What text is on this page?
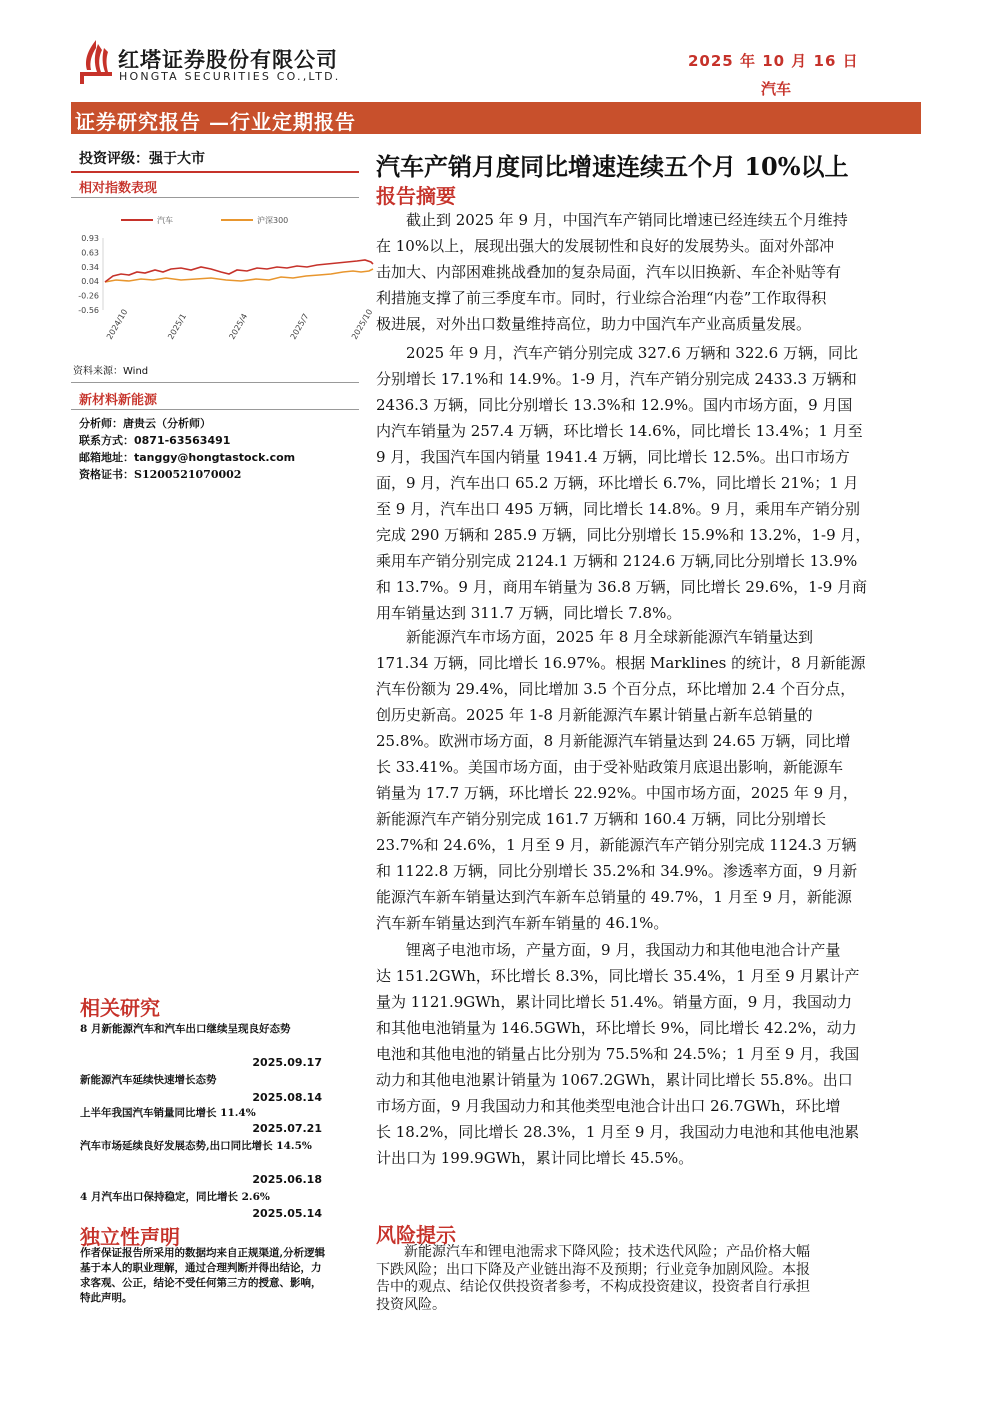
红塔证券股份有限公司
HONGTA SECURITIES CO.,LTD.
2025 年 10 月 16 日
汽车
证券研究报告 —行业定期报告
投资评级：强于大市
相对指数表现
汽车	沪深300
0.93
0.63
0.34
0.04
-0.26
-0.56 2024/10	2025/1	2025/4	2025/7	2025/10
资料来源：Wind
新材料新能源
分析师：唐贵云（分析师）
联系方式：0871-63563491
邮箱地址：tanggy@hongtastock.com
资格证书：S1200521070002
相关研究
8 月新能源汽车和汽车出口继续呈现良好态势
2025.09.17
新能源汽车延续快速增长态势
2025.08.14
上半年我国汽车销量同比增长 11.4%
2025.07.21
汽车市场延续良好发展态势,出口同比增长 14.5%
2025.06.18
4 月汽车出口保持稳定，同比增长 2.6%
2025.05.14
独立性声明
作者保证报告所采用的数据均来自正规渠道,分析逻辑基于本人的职业理解，通过合理判断并得出结论，力求客观、公正，结论不受任何第三方的授意、影响，特此声明。
汽车产销月度同比增速连续五个月 10%以上
报告摘要
　　截止到 2025 年 9 月，中国汽车产销同比增速已经连续五个月维持
在 10%以上，展现出强大的发展韧性和良好的发展势头。面对外部冲
击加大、内部困难挑战叠加的复杂局面，汽车以旧换新、车企补贴等有
利措施支撑了前三季度车市。同时，行业综合治理“内卷”工作取得积
极进展，对外出口数量维持高位，助力中国汽车产业高质量发展。
　　2025 年 9 月，汽车产销分别完成 327.6 万辆和 322.6 万辆，同比
分别增长 17.1%和 14.9%。1-9 月，汽车产销分别完成 2433.3 万辆和
2436.3 万辆，同比分别增长 13.3%和 12.9%。国内市场方面，9 月国
内汽车销量为 257.4 万辆，环比增长 14.6%，同比增长 13.4%；1 月至
9 月，我国汽车国内销量 1941.4 万辆，同比增长 12.5%。出口市场方
面，9 月，汽车出口 65.2 万辆，环比增长 6.7%，同比增长 21%；1 月
至 9 月，汽车出口 495 万辆，同比增长 14.8%。9 月，乘用车产销分别
完成 290 万辆和 285.9 万辆，同比分别增长 15.9%和 13.2%，1-9 月，
乘用车产销分别完成 2124.1 万辆和 2124.6 万辆,同比分别增长 13.9%
和 13.7%。9 月，商用车销量为 36.8 万辆，同比增长 29.6%，1-9 月商
用车销量达到 311.7 万辆，同比增长 7.8%。
　　新能源汽车市场方面，2025 年 8 月全球新能源汽车销量达到
171.34 万辆，同比增长 16.97%。根据 Marklines 的统计，8 月新能源
汽车份额为 29.4%，同比增加 3.5 个百分点，环比增加 2.4 个百分点，
创历史新高。2025 年 1-8 月新能源汽车累计销量占新车总销量的
25.8%。欧洲市场方面，8 月新能源汽车销量达到 24.65 万辆，同比增
长 33.41%。美国市场方面，由于受补贴政策月底退出影响，新能源车
销量为 17.7 万辆，环比增长 22.92%。中国市场方面，2025 年 9 月，
新能源汽车产销分别完成 161.7 万辆和 160.4 万辆，同比分别增长
23.7%和 24.6%，1 月至 9 月，新能源汽车产销分别完成 1124.3 万辆
和 1122.8 万辆，同比分别增长 35.2%和 34.9%。渗透率方面，9 月新
能源汽车新车销量达到汽车新车总销量的 49.7%，1 月至 9 月，新能源
汽车新车销量达到汽车新车销量的 46.1%。
　　锂离子电池市场，产量方面，9 月，我国动力和其他电池合计产量
达 151.2GWh，环比增长 8.3%，同比增长 35.4%，1 月至 9 月累计产
量为 1121.9GWh，累计同比增长 51.4%。销量方面，9 月，我国动力
和其他电池销量为 146.5GWh，环比增长 9%，同比增长 42.2%，动力
电池和其他电池的销量占比分别为 75.5%和 24.5%；1 月至 9 月，我国
动力和其他电池累计销量为 1067.2GWh，累计同比增长 55.8%。出口
市场方面，9 月我国动力和其他类型电池合计出口 26.7GWh，环比增
长 18.2%，同比增长 28.3%，1 月至 9 月，我国动力电池和其他电池累
计出口为 199.9GWh，累计同比增长 45.5%。
风险提示
　　新能源汽车和锂电池需求下降风险；技术迭代风险；产品价格大幅
下跌风险；出口下降及产业链出海不及预期；行业竞争加剧风险。本报
告中的观点、结论仅供投资者参考，不构成投资建议，投资者自行承担
投资风险。
